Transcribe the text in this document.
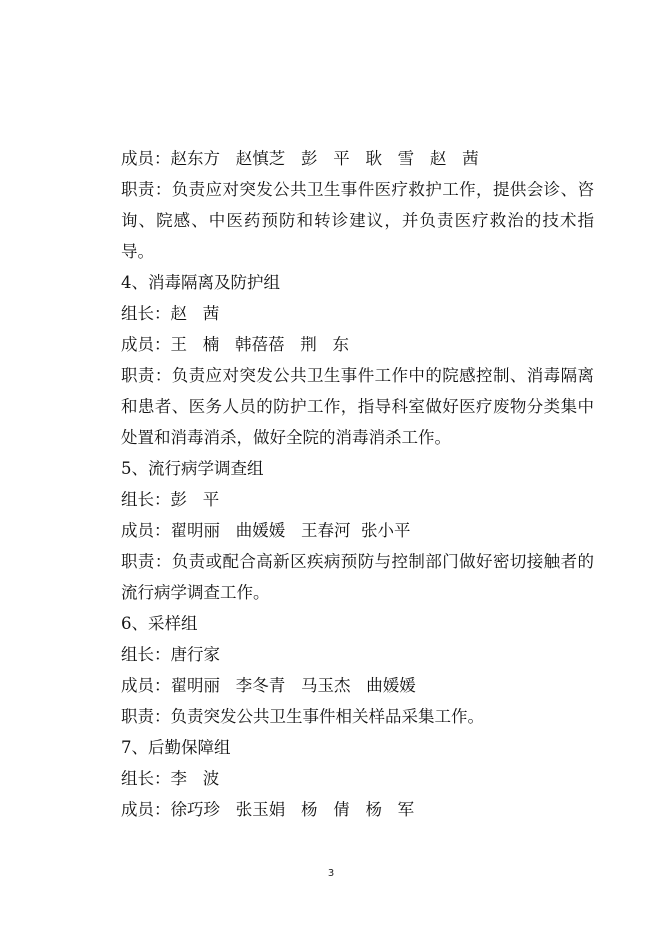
成员：赵东方   赵慎芝   彭   平   耿   雪   赵   茜
职责：负责应对突发公共卫生事件医疗救护工作，提供会诊、咨询、院感、中医药预防和转诊建议，并负责医疗救治的技术指导。
4、消毒隔离及防护组
组长：赵   茜
成员：王   楠   韩蓓蓓   荆   东
职责：负责应对突发公共卫生事件工作中的院感控制、消毒隔离和患者、医务人员的防护工作，指导科室做好医疗废物分类集中处置和消毒消杀，做好全院的消毒消杀工作。
5、流行病学调查组
组长：彭   平
成员：翟明丽   曲媛媛   王春河  张小平
职责：负责或配合高新区疾病预防与控制部门做好密切接触者的流行病学调查工作。
6、采样组
组长：唐行家
成员：翟明丽   李冬青   马玉杰   曲媛媛
职责：负责突发公共卫生事件相关样品采集工作。
7、后勤保障组
组长：李   波
成员：徐巧珍   张玉娟   杨   倩   杨   军
3
